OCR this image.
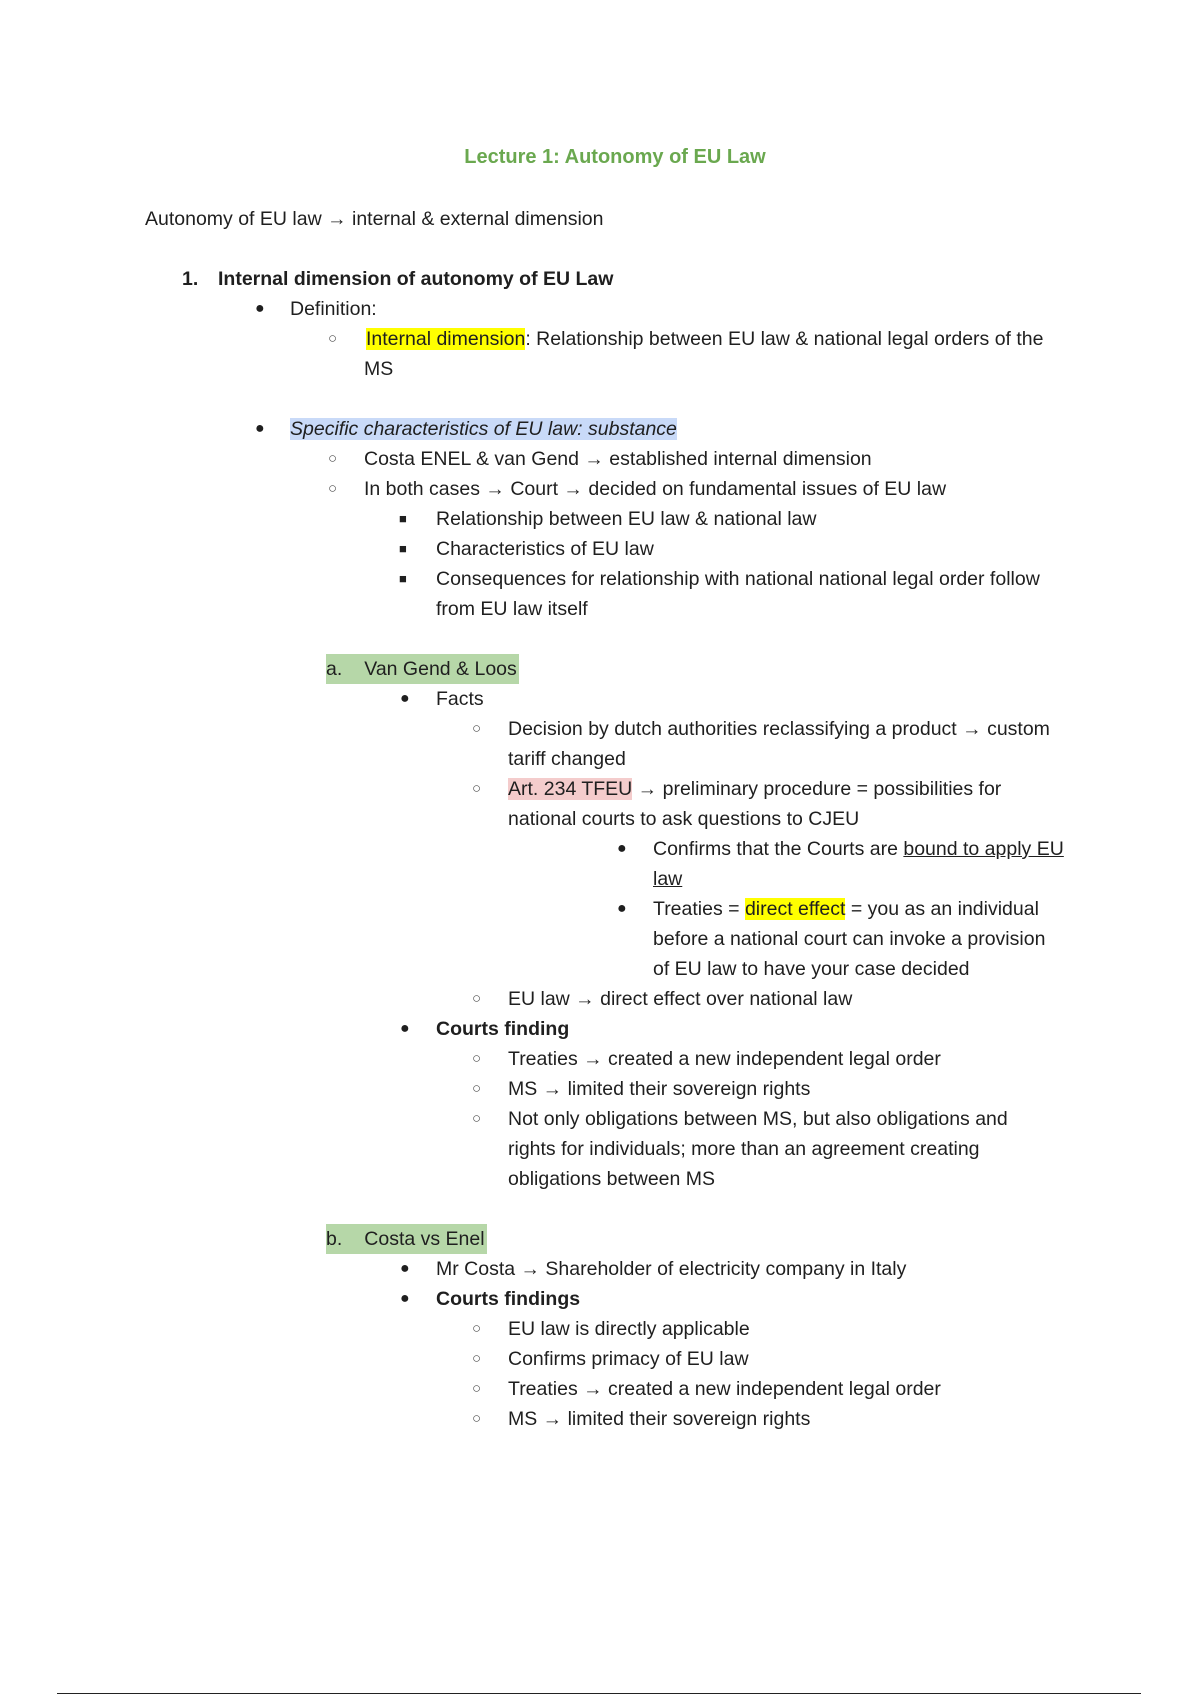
Lecture 1: Autonomy of EU Law
Autonomy of EU law → internal & external dimension
1. Internal dimension of autonomy of EU Law
● Definition:
○ Internal dimension: Relationship between EU law & national legal orders of the
MS
● Specific characteristics of EU law: substance
○ Costa ENEL & van Gend → established internal dimension
○ In both cases → Court → decided on fundamental issues of EU law
■ Relationship between EU law & national law
■ Characteristics of EU law
■ Consequences for relationship with national national legal order follow
from EU law itself
a. Van Gend & Loos
● Facts
○ Decision by dutch authorities reclassifying a product → custom
tariff changed
○ Art. 234 TFEU → preliminary procedure = possibilities for
national courts to ask questions to CJEU
● Confirms that the Courts are bound to apply EU
law
● Treaties = direct effect = you as an individual
before a national court can invoke a provision
of EU law to have your case decided
○ EU law → direct effect over national law
● Courts finding
○ Treaties → created a new independent legal order
○ MS → limited their sovereign rights
○ Not only obligations between MS, but also obligations and
rights for individuals; more than an agreement creating
obligations between MS
b. Costa vs Enel
● Mr Costa → Shareholder of electricity company in Italy
● Courts findings
○ EU law is directly applicable
○ Confirms primacy of EU law
○ Treaties → created a new independent legal order
○ MS → limited their sovereign rights
